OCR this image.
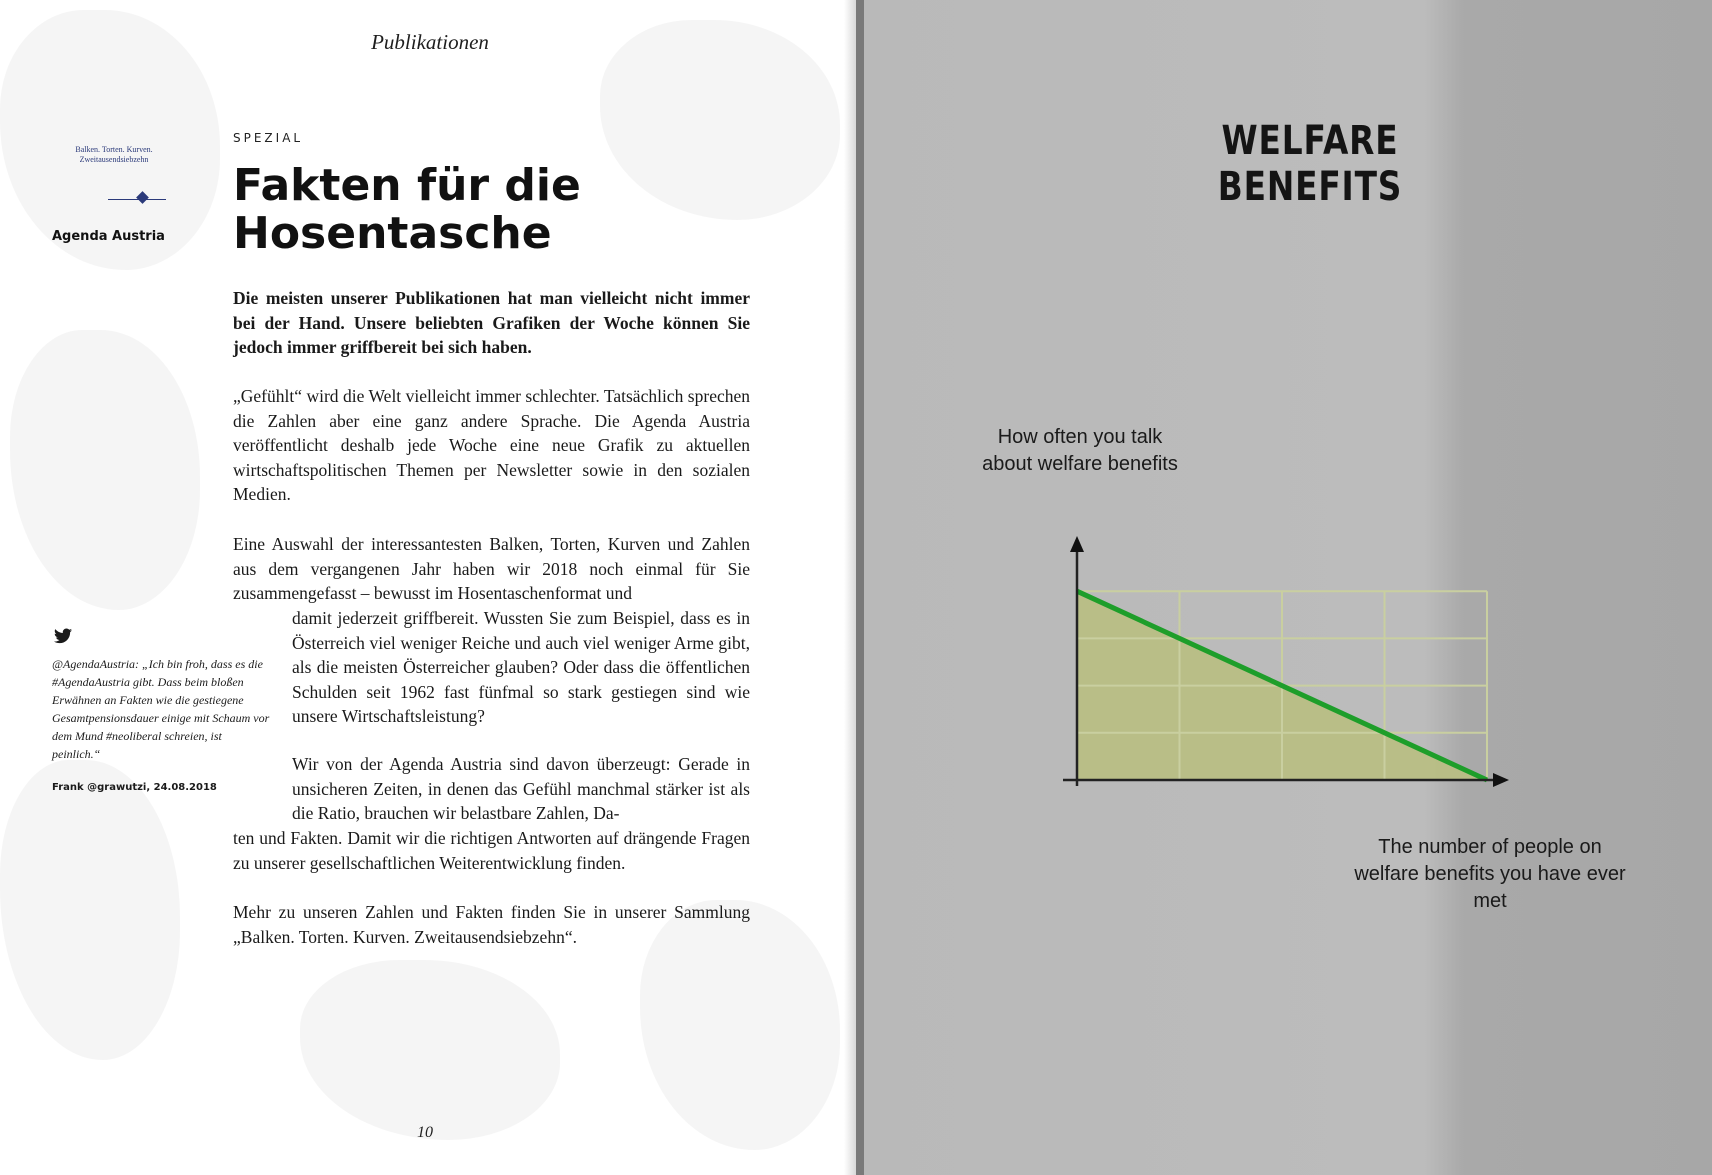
Publikationen
Balken. Torten. Kurven. Zweitausendsiebzehn
Agenda Austria
SPEZIAL
Fakten für die Hosentasche

Die meisten unserer Publikationen hat man vielleicht nicht immer bei der Hand. Unsere beliebten Grafiken der Woche können Sie jedoch immer griffbereit bei sich haben.

„Gefühlt“ wird die Welt vielleicht immer schlechter. Tatsächlich sprechen die Zahlen aber eine ganz andere Sprache. Die Agenda Austria veröffentlicht deshalb jede Woche eine neue Grafik zu aktuellen wirtschaftspolitischen Themen per Newsletter sowie in den sozialen Medien.

Eine Auswahl der interessantesten Balken, Torten, Kurven und Zahlen aus dem vergangenen Jahr haben wir 2018 noch einmal für Sie zusammengefasst – bewusst im Hosentaschenformat und

damit jederzeit griffbereit. Wussten Sie zum Beispiel, dass es in Österreich viel weniger Reiche und auch viel weniger Arme gibt, als die meisten Österreicher glauben? Oder dass die öffentlichen Schulden seit 1962 fast fünfmal so stark gestiegen sind wie unsere Wirtschaftsleistung?

Wir von der Agenda Austria sind davon überzeugt: Gerade in unsicheren Zeiten, in denen das Gefühl manchmal stärker ist als die Ratio, brauchen wir belastbare Zahlen, Da-

ten und Fakten. Damit wir die richtigen Antworten auf drängende Fragen zu unserer gesellschaftlichen Weiterentwicklung finden.

Mehr zu unseren Zahlen und Fakten finden Sie in unserer Sammlung „Balken. Torten. Kurven. Zweitausendsiebzehn“.

@AgendaAustria: „Ich bin froh, dass es die #AgendaAustria gibt. Dass beim bloßen Erwähnen an Fakten wie die gestiegene Gesamtpensionsdauer einige mit Schaum vor dem Mund #neoliberal schreien, ist peinlich.“

Frank @grawutzi, 24.08.2018
10
WELFARE BENEFITS
How often you talk about welfare benefits
The number of people on welfare benefits you have ever met
